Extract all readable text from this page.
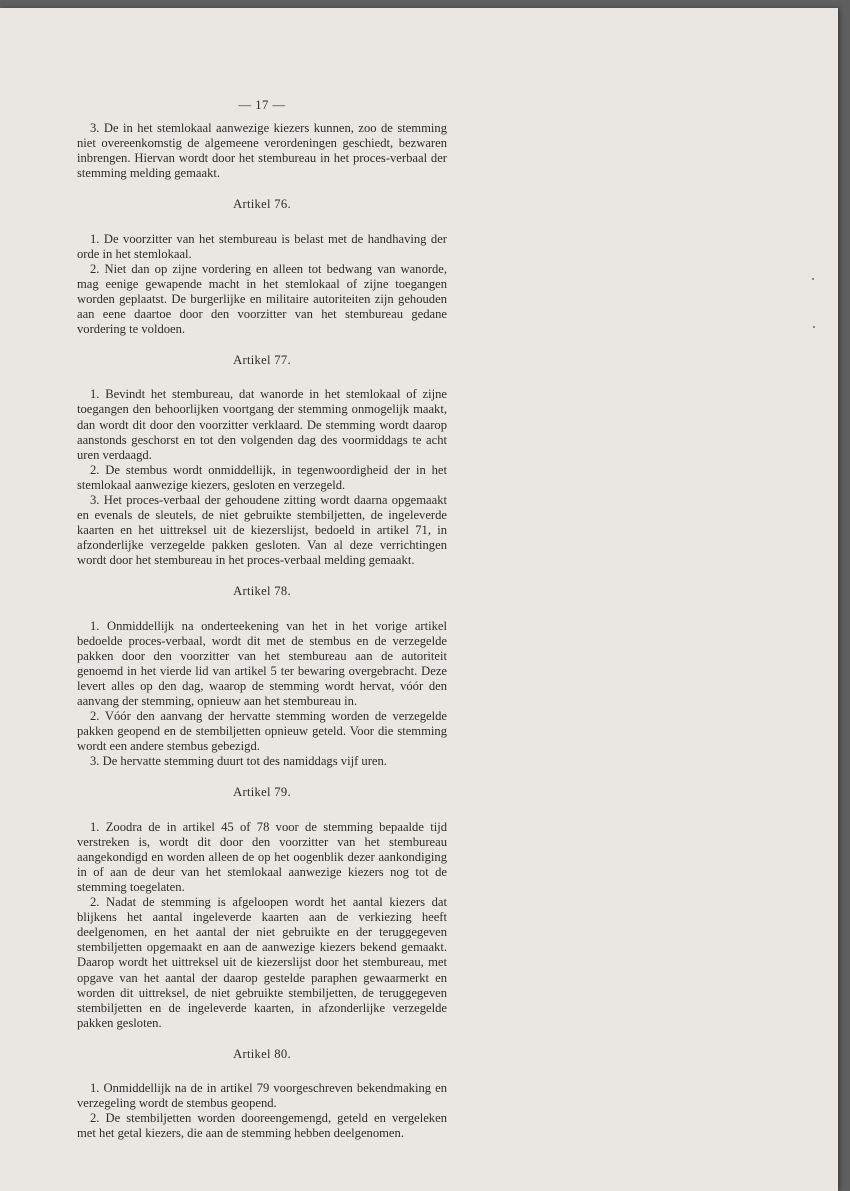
— 17 —

3. De in het stemlokaal aanwezige kiezers kunnen, zoo de stemming niet overeenkomstig de algemeene verordeningen geschiedt, bezwaren inbrengen. Hiervan wordt door het stembureau in het proces-verbaal der stemming melding gemaakt.

Artikel 76.

1. De voorzitter van het stembureau is belast met de handhaving der orde in het stemlokaal.

2. Niet dan op zijne vordering en alleen tot bedwang van wanorde, mag eenige gewapende macht in het stemlokaal of zijne toegangen worden geplaatst. De burgerlijke en militaire autoriteiten zijn gehouden aan eene daartoe door den voorzitter van het stembureau gedane vordering te voldoen.

Artikel 77.

1. Bevindt het stembureau, dat wanorde in het stemlokaal of zijne toegangen den behoorlijken voortgang der stemming onmogelijk maakt, dan wordt dit door den voorzitter verklaard. De stemming wordt daarop aanstonds geschorst en tot den volgenden dag des voormiddags te acht uren verdaagd.

2. De stembus wordt onmiddellijk, in tegenwoordigheid der in het stemlokaal aanwezige kiezers, gesloten en verzegeld.

3. Het proces-verbaal der gehoudene zitting wordt daarna opgemaakt en evenals de sleutels, de niet gebruikte stembiljetten, de ingeleverde kaarten en het uittreksel uit de kiezerslijst, bedoeld in artikel 71, in afzonderlijke verzegelde pakken gesloten. Van al deze verrichtingen wordt door het stembureau in het proces-verbaal melding gemaakt.

Artikel 78.

1. Onmiddellijk na onderteekening van het in het vorige artikel bedoelde proces-verbaal, wordt dit met de stembus en de verzegelde pakken door den voorzitter van het stembureau aan de autoriteit genoemd in het vierde lid van artikel 5 ter bewaring overgebracht. Deze levert alles op den dag, waarop de stemming wordt hervat, vóór den aanvang der stemming, opnieuw aan het stembureau in.

2. Vóór den aanvang der hervatte stemming worden de verzegelde pakken geopend en de stembiljetten opnieuw geteld. Voor die stemming wordt een andere stembus gebezigd.

3. De hervatte stemming duurt tot des namiddags vijf uren.

Artikel 79.

1. Zoodra de in artikel 45 of 78 voor de stemming bepaalde tijd verstreken is, wordt dit door den voorzitter van het stembureau aangekondigd en worden alleen de op het oogenblik dezer aankondiging in of aan de deur van het stemlokaal aanwezige kiezers nog tot de stemming toegelaten.

2. Nadat de stemming is afgeloopen wordt het aantal kiezers dat blijkens het aantal ingeleverde kaarten aan de verkiezing heeft deelgenomen, en het aantal der niet gebruikte en der teruggegeven stembiljetten opgemaakt en aan de aanwezige kiezers bekend gemaakt. Daarop wordt het uittreksel uit de kiezerslijst door het stembureau, met opgave van het aantal der daarop gestelde paraphen gewaarmerkt en worden dit uittreksel, de niet gebruikte stembiljetten, de teruggegeven stembiljetten en de ingeleverde kaarten, in afzonderlijke verzegelde pakken gesloten.

Artikel 80.

1. Onmiddellijk na de in artikel 79 voorgeschreven bekendmaking en verzegeling wordt de stembus geopend.

2. De stembiljetten worden dooreengemengd, geteld en vergeleken met het getal kiezers, die aan de stemming hebben deelgenomen.
